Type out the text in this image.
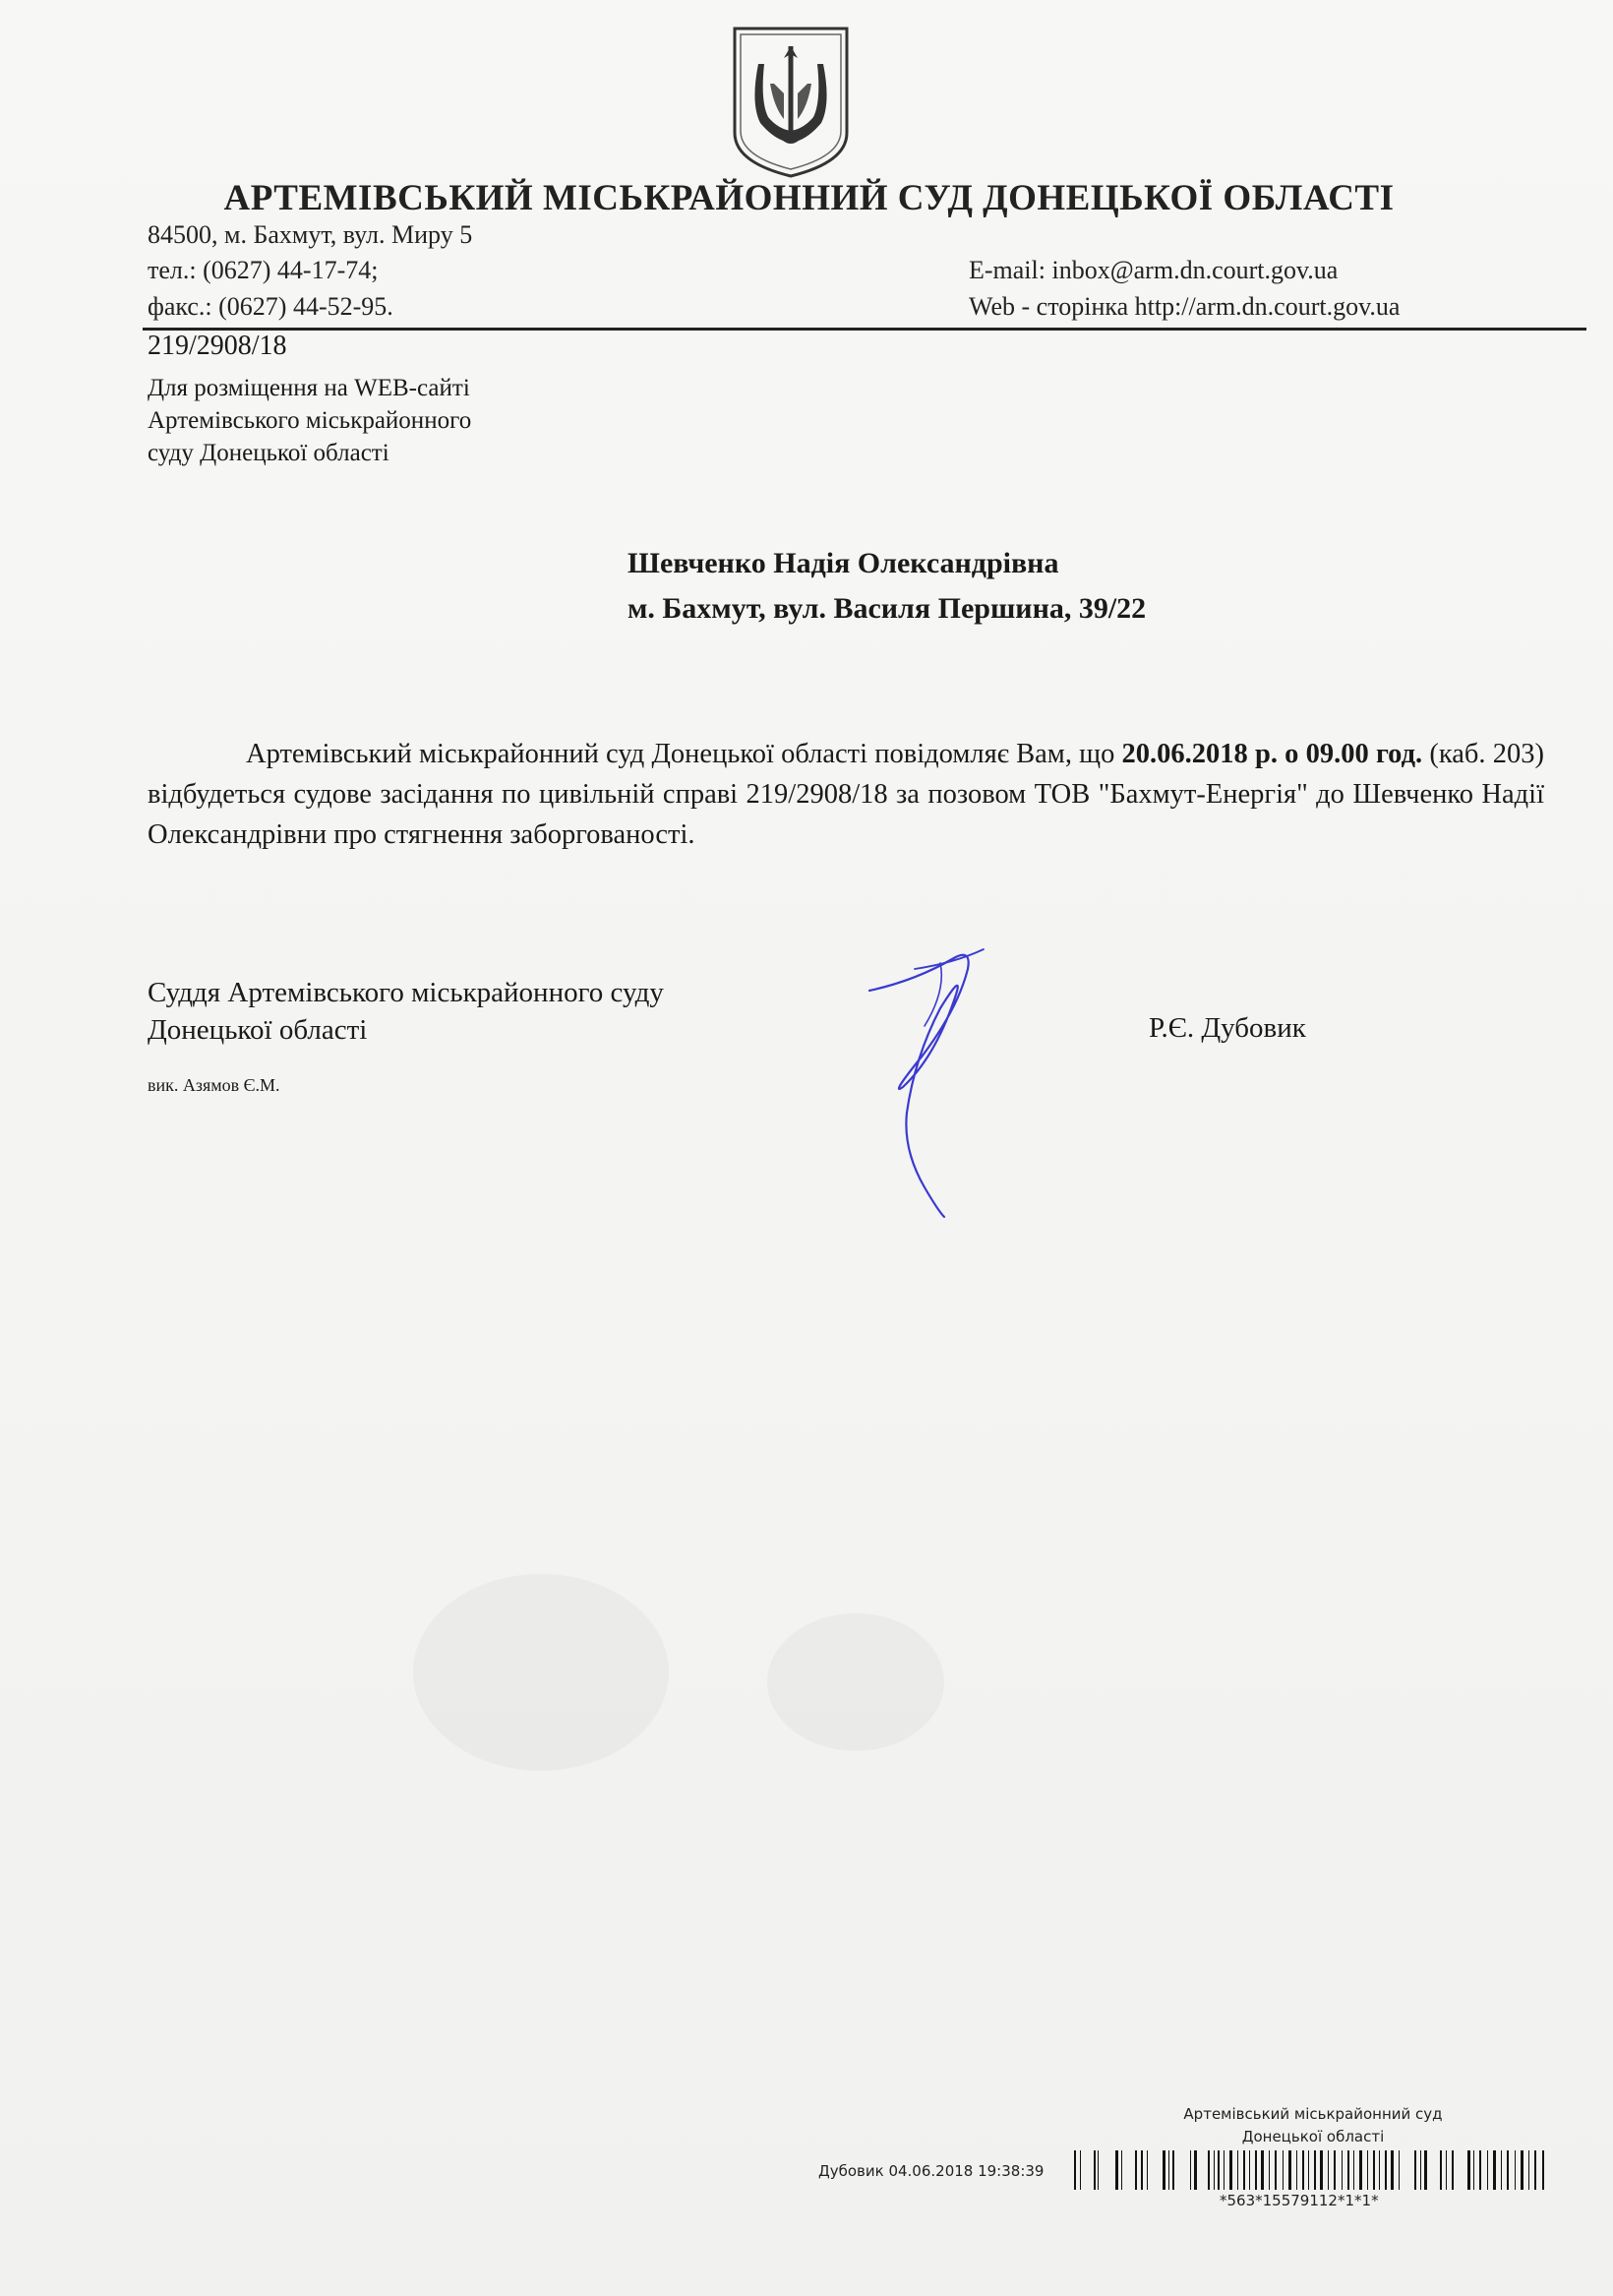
АРТЕМІВСЬКИЙ МІСЬКРАЙОННИЙ СУД ДОНЕЦЬКОЇ ОБЛАСТІ
84500, м. Бахмут, вул. Миру 5
тел.: (0627) 44-17-74;
факс.: (0627) 44-52-95.
E-mail: inbox@arm.dn.court.gov.ua
Web - сторінка http://arm.dn.court.gov.ua
219/2908/18
Для розміщення на WEB-сайті
Артемівського міськрайонного
суду Донецької області
Шевченко Надія Олександрівна
м. Бахмут, вул. Василя Першина, 39/22

Артемівський міськрайонний суд Донецької області повідомляє Вам, що 20.06.2018 р. о 09.00 год. (каб. 203) відбудеться судове засідання по цивільній справі 219/2908/18 за позовом ТОВ "Бахмут-Енергія" до Шевченко Надії Олександрівни про стягнення заборгованості.

Суддя Артемівського міськрайонного суду
Донецької області	Р.Є. Дубовик
вик. Азямов Є.М.
Артемівський міськрайонний суд
Донецької області
Дубовик 04.06.2018 19:38:39
*563*15579112*1*1*
